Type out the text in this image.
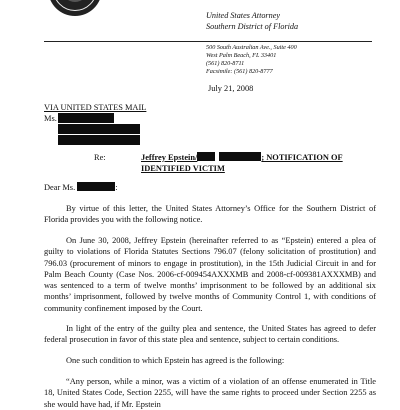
United States Attorney
Southern District of Florida
500 South Australian Ave., Suite 400
West Palm Beach, FL 33401
(561) 820-8711
Facsimile: (561) 820-8777
July 21, 2008
VIA UNITED STATES MAIL
Ms.
Re:	Jeffrey Epstein/	; NOTIFICATION OF
IDENTIFIED VICTIM
Dear Ms.	:
By virtue of this letter, the United States Attorney’s Office for the Southern District of Florida provides you with the following notice.
On June 30, 2008, Jeffrey Epstein (hereinafter referred to as “Epstein) entered a plea of guilty to violations of Florida Statutes Sections 796.07 (felony solicitation of prostitution) and 796.03 (procurement of minors to engage in prostitution), in the 15th Judicial Circuit in and for Palm Beach County (Case Nos. 2006-cf-009454AXXXMB and 2008-cf-009381AXXXMB) and was sentenced to a term of twelve months’ imprisonment to be followed by an additional six months’ imprisonment, followed by twelve months of Community Control 1, with conditions of community confinement imposed by the Court.
In light of the entry of the guilty plea and sentence, the United States has agreed to defer federal prosecution in favor of this state plea and sentence, subject to certain conditions.
One such condition to which Epstein has agreed is the following:
“Any person, while a minor, was a victim of a violation of an offense enumerated in Title 18, United States Code, Section 2255, will have the same rights to proceed under Section 2255 as she would have had, if Mr. Epstein
